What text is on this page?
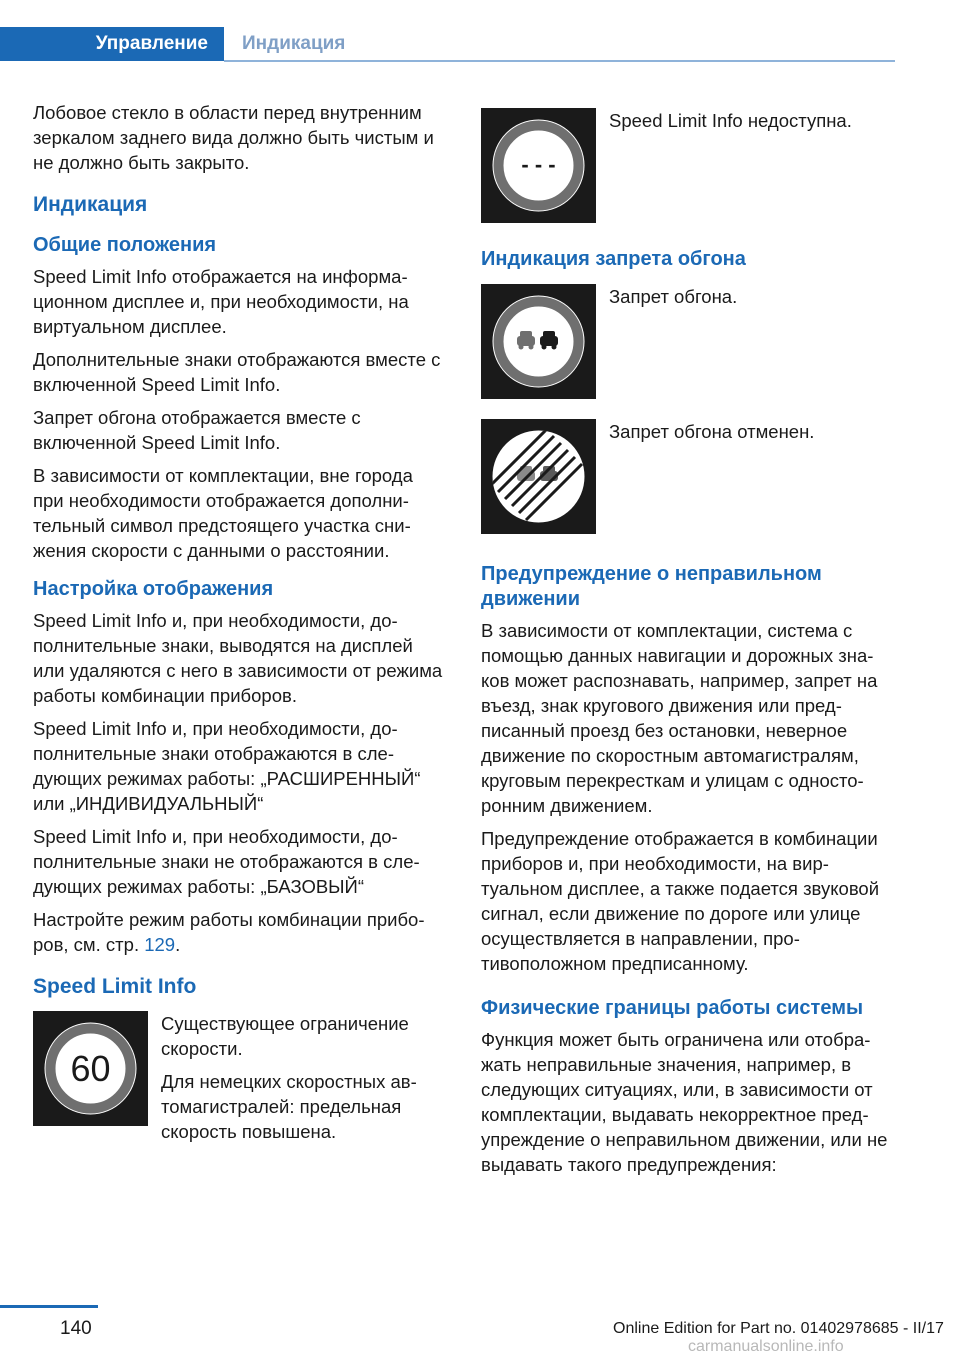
Управление	Индикация

Лобовое стекло в области перед внутренним зеркалом заднего вида должно быть чистым и не должно быть закрыто.

Индикация
Общие положения

Speed Limit Info отображается на информационном дисплее и, при необходимости, на виртуальном дисплее.

Дополнительные знаки отображаются вместе с включенной Speed Limit Info.

Запрет обгона отображается вместе с включенной Speed Limit Info.

В зависимости от комплектации, вне города при необходимости отображается дополнительный символ предстоящего участка снижения скорости с данными о расстоянии.

Настройка отображения

Speed Limit Info и, при необходимости, дополнительные знаки, выводятся на дисплей или удаляются с него в зависимости от режима работы комбинации приборов.

Speed Limit Info и, при необходимости, дополнительные знаки отображаются в следующих режимах работы: „РАСШИРЕННЫЙ“ или „ИНДИВИДУАЛЬНЫЙ“

Speed Limit Info и, при необходимости, дополнительные знаки не отображаются в следующих режимах работы: „БАЗОВЫЙ“

Настройте режим работы комбинации приборов, см. стр. 129.

Speed Limit Info
60

Существующее ограничение скорости.

Для немецких скоростных автомагистралей: предельная скорость повышена.

- - -

Speed Limit Info недоступна.

Индикация запрета обгона

Запрет обгона.

Запрет обгона отменен.

Предупреждение о неправильном движении

В зависимости от комплектации, система с помощью данных навигации и дорожных знаков может распознавать, например, запрет на въезд, знак кругового движения или предписанный проезд без остановки, неверное движение по скоростным автомагистралям, круговым перекресткам и улицам с односторонним движением.

Предупреждение отображается в комбинации приборов и, при необходимости, на виртуальном дисплее, а также подается звуковой сигнал, если движение по дороге или улице осуществляется в направлении, противоположном предписанному.

Физические границы работы системы

Функция может быть ограничена или отображать неправильные значения, например, в следующих ситуациях, или, в зависимости от комплектации, выдавать некорректное предупреждение о неправильном движении, или не выдавать такого предупреждения:

140	Online Edition for Part no. 01402978685 - II/17
carmanualsonline.info
